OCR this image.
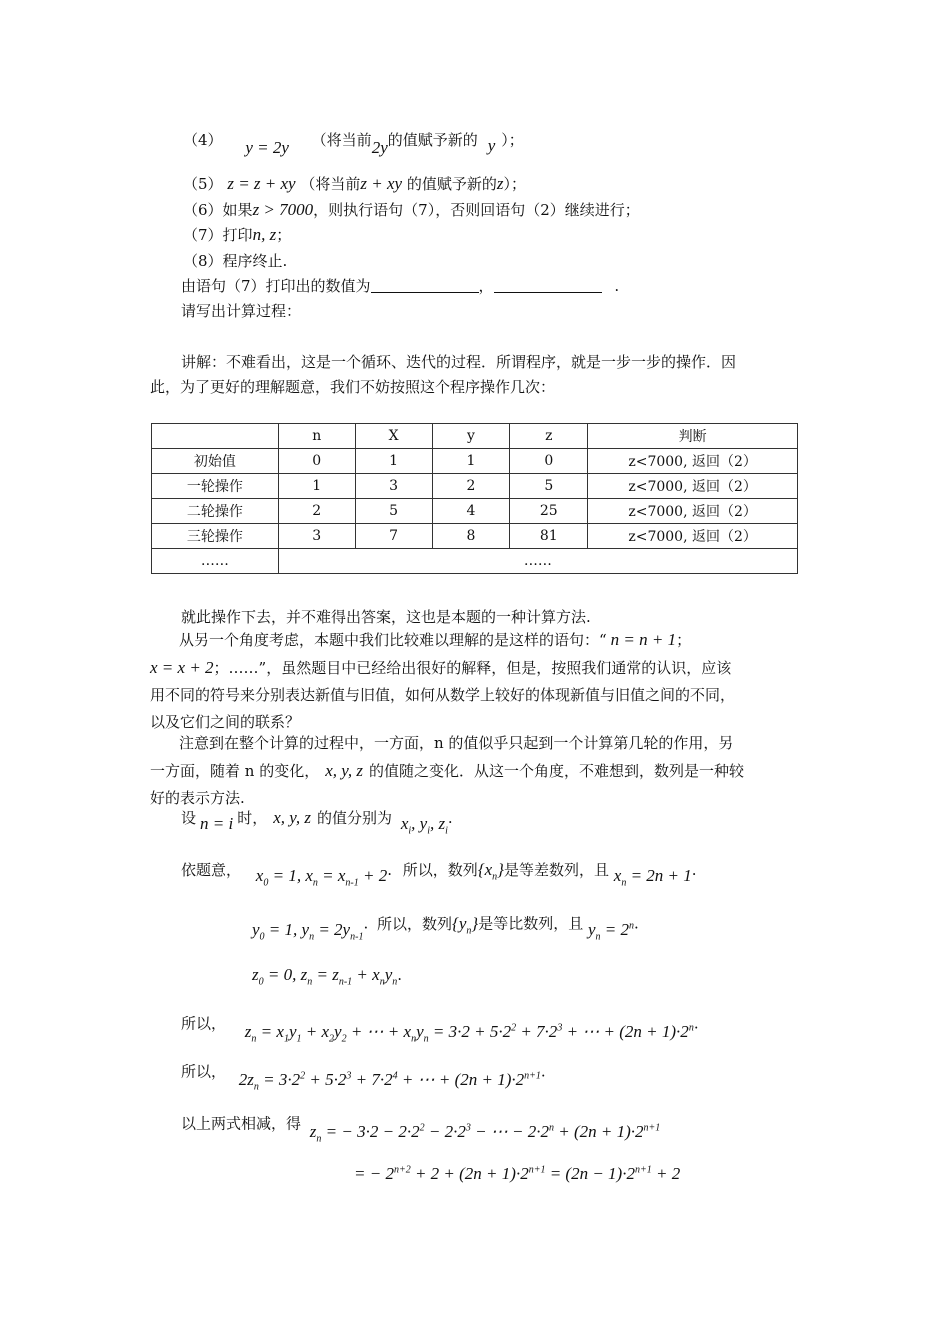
（4） y = 2y （将当前2y的值赋予新的 y ）；
（5） z = z + xy （将当前z + xy 的值赋予新的z）；
（6）如果z > 7000，则执行语句（7），否则回语句（2）继续进行；
（7）打印n, z；
（8）程序终止.
由语句（7）打印出的数值为	，	.
请写出计算过程：
讲解：不难看出，这是一个循环、迭代的过程．所谓程序，就是一步一步的操作．因
此，为了更好的理解题意，我们不妨按照这个程序操作几次：
	n	X	y	z	判断
初始值	0	1	1	0	z<7000, 返回（2）
一轮操作	1	3	2	5	z<7000, 返回（2）
二轮操作	2	5	4	25	z<7000, 返回（2）
三轮操作	3	7	8	81	z<7000, 返回（2）
……	……				
就此操作下去，并不难得出答案，这也是本题的一种计算方法.
从另一个角度考虑，本题中我们比较难以理解的是这样的语句：“ n = n + 1；
x = x + 2；……”，虽然题目中已经给出很好的解释，但是，按照我们通常的认识，应该
用不同的符号来分别表达新值与旧值，如何从数学上较好的体现新值与旧值之间的不同，
以及它们之间的联系？
注意到在整个计算的过程中，一方面，n 的值似乎只起到一个计算第几轮的作用，另
一方面，随着 n 的变化， x, y, z 的值随之变化．从这一个角度，不难想到，数列是一种较
好的表示方法.
设 n = i 时， x, y, z 的值分别为 $x_i$, $y_i$, $z_i$.
依题意， $x_0 = 1$, $x_n = x_{n-1} + 2$. 所以，数列$\{x_n\}$是等差数列，且 $x_n = 2n + 1$.
$y_0 = 1$, $y_n = 2y_{n-1}$. 所以，数列$\{y_n\}$是等比数列，且 $y_n = 2^n$.
$z_0 = 0$, $z_n = z_{n-1} + x_ny_n$.
所以， $z_n = x_1y_1 + x_2y_2$ + ⋯ + $x_ny_n = 3\cdot 2 + 5\cdot 2^2 + 7\cdot 2^3$ + ⋯ + $(2n + 1)\cdot 2^n$.
所以， $2z_n = 3\cdot 2^2 + 5\cdot 2^3 + 7\cdot 2^4$ + ⋯ + $(2n + 1)\cdot 2^{n+1}$.
以上两式相减，得 $z_n$ = − $3\cdot 2 - 2\cdot 2^2 - 2\cdot 2^3$ − ⋯ − $2\cdot 2^n + (2n + 1)\cdot 2^{n+1}$
= − $2^{n+2} + 2 + (2n + 1)\cdot 2^{n+1} = (2n - 1)\cdot 2^{n+1} + 2$
